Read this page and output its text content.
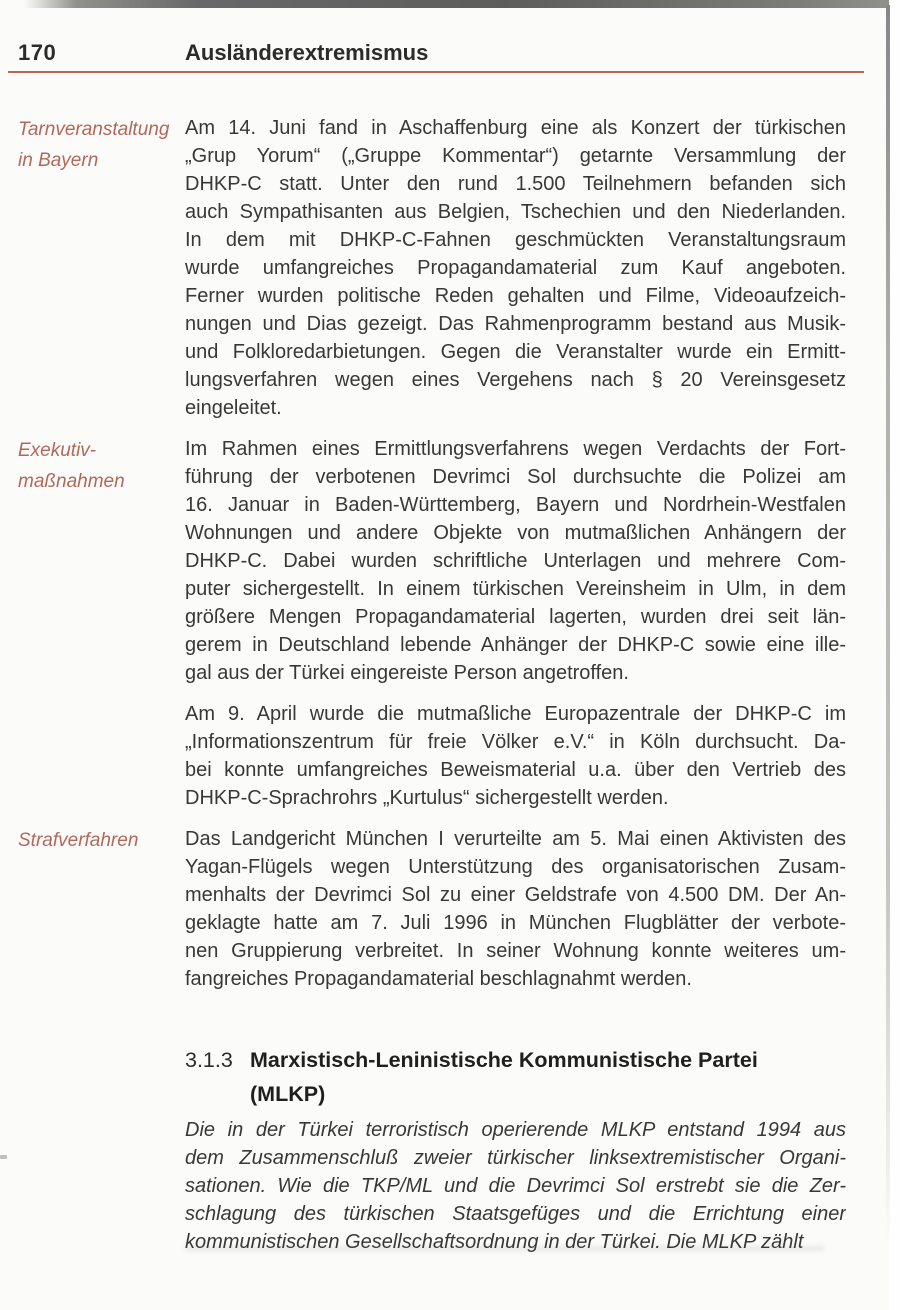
170	Ausländerextremismus
Tarnveranstaltung
in Bayern
Am 14. Juni fand in Aschaffenburg eine als Konzert der türkischen
„Grup Yorum“ („Gruppe Kommentar“) getarnte Versammlung der
DHKP-C statt. Unter den rund 1.500 Teilnehmern befanden sich
auch Sympathisanten aus Belgien, Tschechien und den Niederlanden.
In dem mit DHKP-C-Fahnen geschmückten Veranstaltungsraum
wurde umfangreiches Propagandamaterial zum Kauf angeboten.
Ferner wurden politische Reden gehalten und Filme, Videoaufzeich-
nungen und Dias gezeigt. Das Rahmenprogramm bestand aus Musik-
und Folkloredarbietungen. Gegen die Veranstalter wurde ein Ermitt-
lungsverfahren wegen eines Vergehens nach § 20 Vereinsgesetz
eingeleitet.
Exekutiv-
maßnahmen
Im Rahmen eines Ermittlungsverfahrens wegen Verdachts der Fort-
führung der verbotenen Devrimci Sol durchsuchte die Polizei am
16. Januar in Baden-Württemberg, Bayern und Nordrhein-Westfalen
Wohnungen und andere Objekte von mutmaßlichen Anhängern der
DHKP-C. Dabei wurden schriftliche Unterlagen und mehrere Com-
puter sichergestellt. In einem türkischen Vereinsheim in Ulm, in dem
größere Mengen Propagandamaterial lagerten, wurden drei seit län-
gerem in Deutschland lebende Anhänger der DHKP-C sowie eine ille-
gal aus der Türkei eingereiste Person angetroffen.
Am 9. April wurde die mutmaßliche Europazentrale der DHKP-C im
„Informationszentrum für freie Völker e.V.“ in Köln durchsucht. Da-
bei konnte umfangreiches Beweismaterial u.a. über den Vertrieb des
DHKP-C-Sprachrohrs „Kurtulus“ sichergestellt werden.
Strafverfahren	Das Landgericht München I verurteilte am 5. Mai einen Aktivisten des
Yagan-Flügels wegen Unterstützung des organisatorischen Zusam-
menhalts der Devrimci Sol zu einer Geldstrafe von 4.500 DM. Der An-
geklagte hatte am 7. Juli 1996 in München Flugblätter der verbote-
nen Gruppierung verbreitet. In seiner Wohnung konnte weiteres um-
fangreiches Propagandamaterial beschlagnahmt werden.
3.1.3 Marxistisch-Leninistische Kommunistische Partei
(MLKP)
Die in der Türkei terroristisch operierende MLKP entstand 1994 aus
dem Zusammenschluß zweier türkischer linksextremistischer Organi-
sationen. Wie die TKP/ML und die Devrimci Sol erstrebt sie die Zer-
schlagung des türkischen Staatsgefüges und die Errichtung einer
kommunistischen Gesellschaftsordnung in der Türkei. Die MLKP zählt
